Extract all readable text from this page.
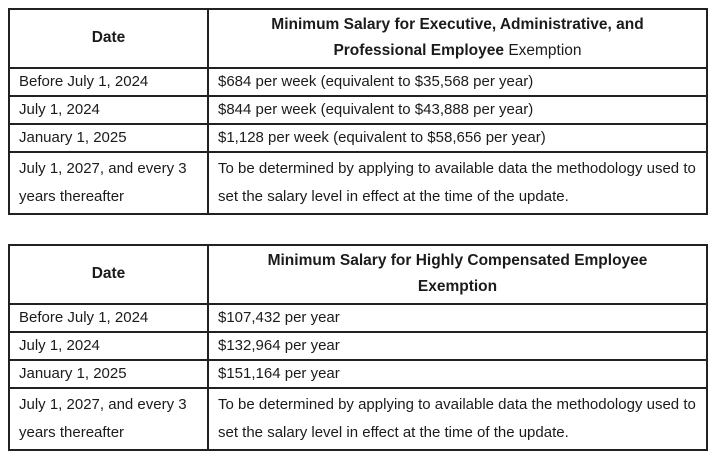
Date	Minimum Salary for Executive, Administrative, and
Professional Employee Exemption
Before July 1, 2024	$684 per week (equivalent to $35,568 per year)
July 1, 2024	$844 per week (equivalent to $43,888 per year)
January 1, 2025	$1,128 per week (equivalent to $58,656 per year)
July 1, 2027, and every 3 years thereafter	To be determined by applying to available data the methodology used to set the salary level in effect at the time of the update.
Date	Minimum Salary for Highly Compensated Employee
Exemption
Before July 1, 2024	$107,432 per year
July 1, 2024	$132,964 per year
January 1, 2025	$151,164 per year
July 1, 2027, and every 3 years thereafter	To be determined by applying to available data the methodology used to set the salary level in effect at the time of the update.
